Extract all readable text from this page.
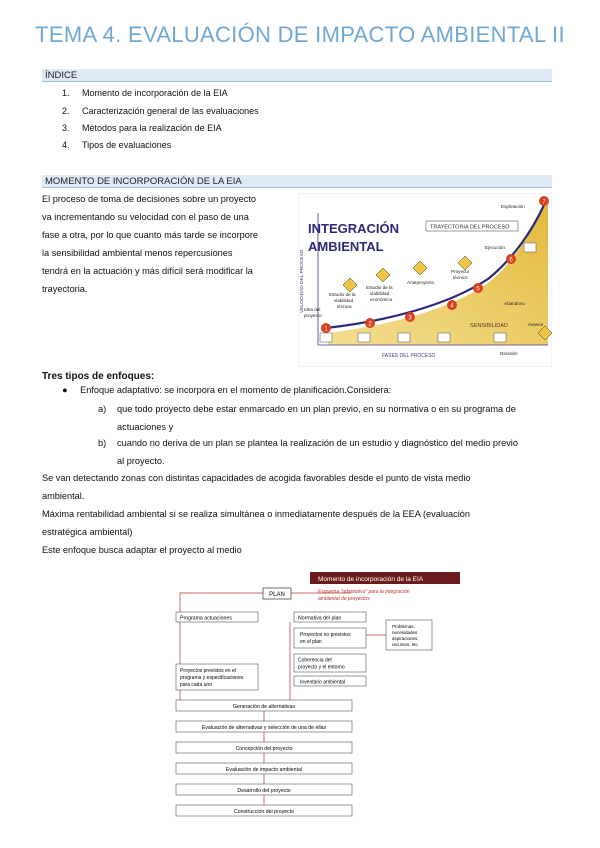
TEMA 4. EVALUACIÓN DE IMPACTO AMBIENTAL II
ÍNDICE
1. Momento de incorporación de la EIA
2. Caracterización general de las evaluaciones
3. Métodos para la realización de EIA
4. Tipos de evaluaciones
MOMENTO DE INCORPORACIÓN DE LA EIA
El proceso de toma de decisiones sobre un proyecto
va incrementando su velocidad con el paso de una
fase a otra, por lo que cuanto más tarde se incorpore
la sensibilidad ambiental menos repercusiones
tendrá en la actuación y más difícil será modificar la
trayectoria.
INTEGRACIÓN
AMBIENTAL
TRAYECTORIA DEL PROCESO
VELOCIDAD DEL PROCESO
FASES DEL PROCESO
SENSIBILIDAD
1
2
3
4
5
6
7
Idea del
proyecto
Estudio de la
viabilidad
técnica
Estudio de la
viabilidad
económica
Anteproyecto
Proyecto
técnico
Ejecución
Explotación
Abandono
Avance
Decisión
Tres tipos de enfoques:
● Enfoque adaptativo: se incorpora en el momento de planificación.Considera:
a) que todo proyecto debe estar enmarcado en un plan previo, en su normativa o en su programa de
actuaciones y
b) cuando no deriva de un plan se plantea la realización de un estudio y diagnóstico del medio previo
al proyecto.
Se van detectando zonas con distintas capacidades de acogida favorables desde el punto de vista medio
ambiental.
Máxima rentabilidad ambiental si se realiza simultánea o inmediatamente después de la EEA (evaluación
estratégica ambiental)
Este enfoque busca adaptar el proyecto al medio
Momento de incorporación de la EIA
Esquema "adaptativo" para la integración
ambiental de proyectos
PLAN
Programa actuaciones	Normativa del plan
Proyectos no previstos
en el plan
Problemas,
necesidades
aspiraciones,
recursos, etc
Coherencia del
proyecto y el entorno
Inventario ambiental
Proyectos previstos en el
programa y especificaciones
para cada uno
Generación de alternativas
Evaluación de alternativas y selección de una de ellas
Concepción del proyecto
Evaluación de impacto ambiental
Desarrollo del proyecto
Construcción del proyecto
